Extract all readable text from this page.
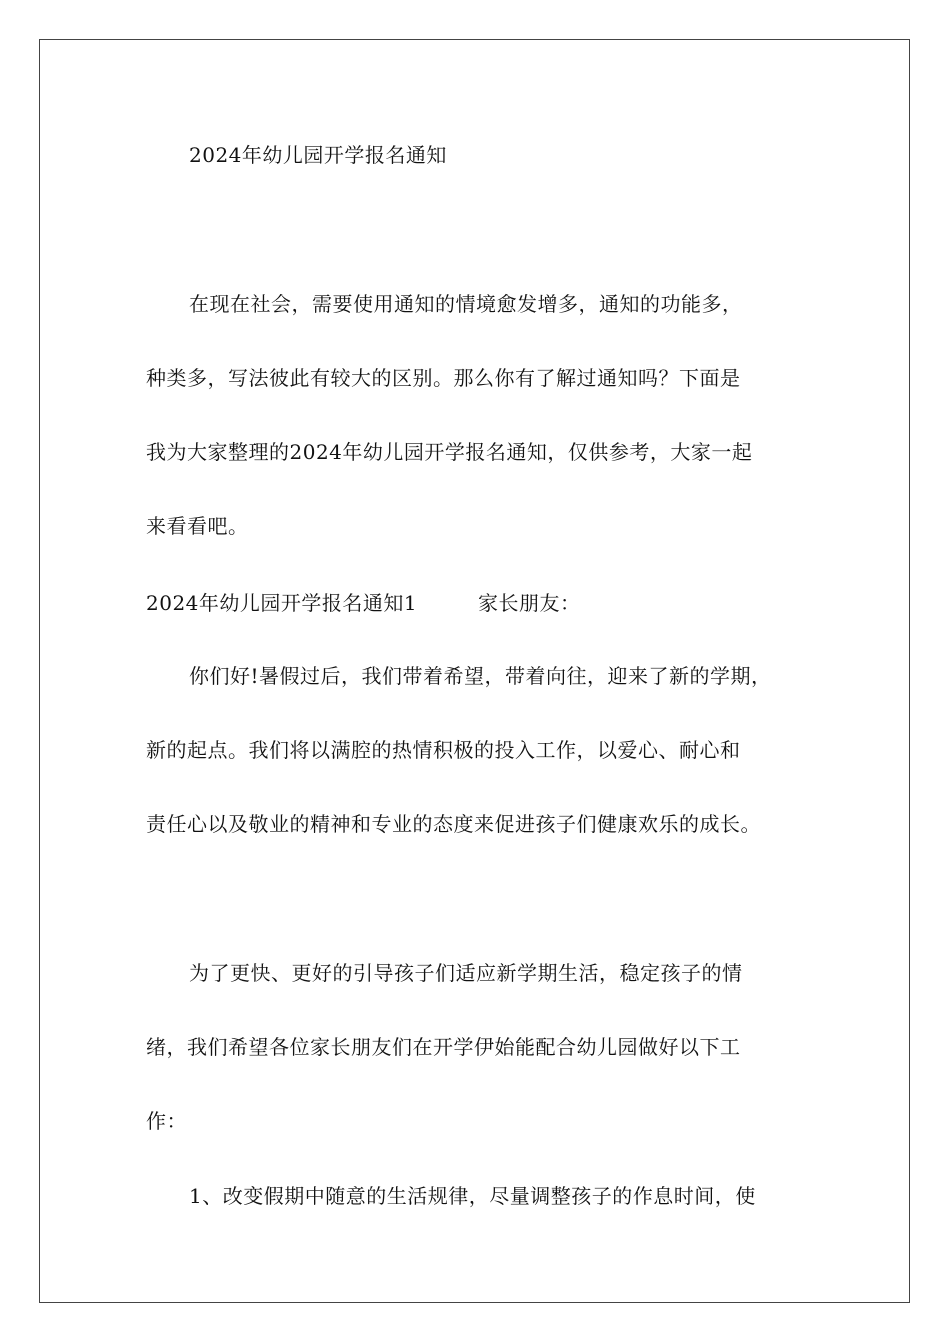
2024年幼儿园开学报名通知
在现在社会，需要使用通知的情境愈发增多，通知的功能多，
种类多，写法彼此有较大的区别。那么你有了解过通知吗？下面是
我为大家整理的2024年幼儿园开学报名通知，仅供参考，大家一起
来看看吧。
2024年幼儿园开学报名通知1	家长朋友：
你们好!暑假过后，我们带着希望，带着向往，迎来了新的学期，
新的起点。我们将以满腔的热情积极的投入工作，以爱心、耐心和
责任心以及敬业的精神和专业的态度来促进孩子们健康欢乐的成长。
为了更快、更好的引导孩子们适应新学期生活，稳定孩子的情
绪，我们希望各位家长朋友们在开学伊始能配合幼儿园做好以下工
作：
1、改变假期中随意的生活规律，尽量调整孩子的作息时间，使
